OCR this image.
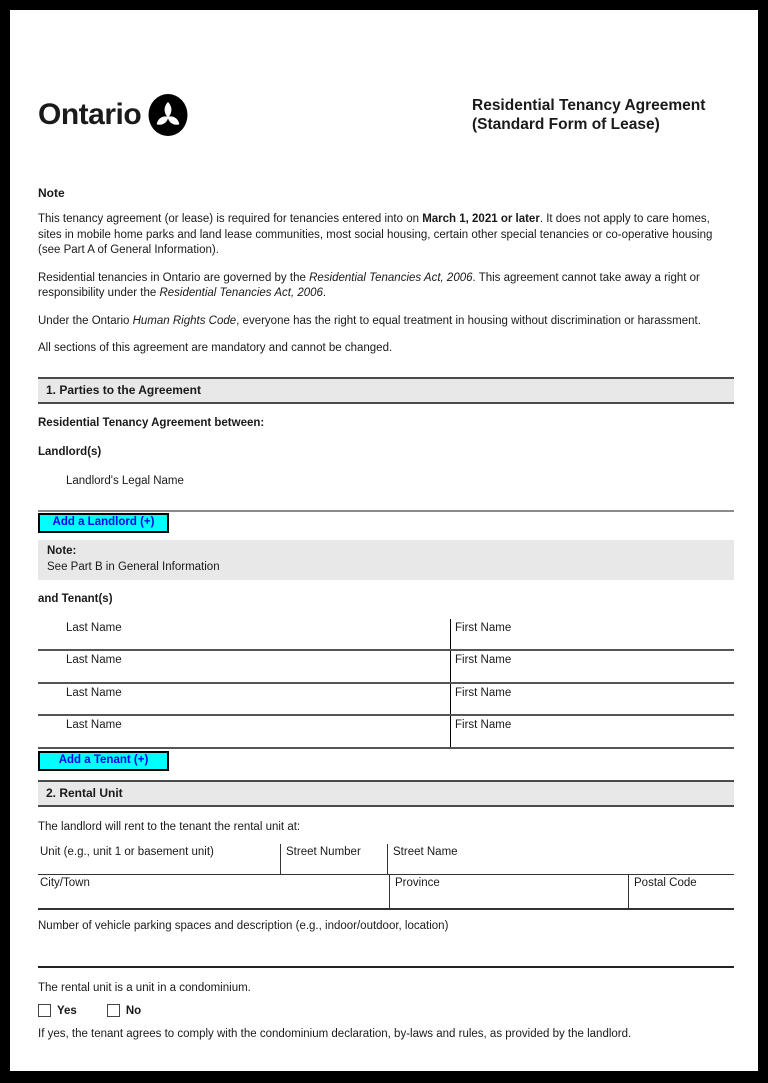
Ontario	Residential Tenancy Agreement
(Standard Form of Lease)
Note

This tenancy agreement (or lease) is required for tenancies entered into on March 1, 2021 or later. It does not apply to care homes, sites in mobile home parks and land lease communities, most social housing, certain other special tenancies or co-operative housing (see Part A of General Information).

Residential tenancies in Ontario are governed by the Residential Tenancies Act, 2006. This agreement cannot take away a right or responsibility under the Residential Tenancies Act, 2006.

Under the Ontario Human Rights Code, everyone has the right to equal treatment in housing without discrimination or harassment.

All sections of this agreement are mandatory and cannot be changed.

1. Parties to the Agreement
Residential Tenancy Agreement between:
Landlord(s)
Landlord's Legal Name
Add a Landlord (+)
Note:
See Part B in General Information
and Tenant(s)
Last Name	First Name
Last Name	First Name
Last Name	First Name
Last Name	First Name
Add a Tenant (+)
2. Rental Unit
The landlord will rent to the tenant the rental unit at:
Unit (e.g., unit 1 or basement unit)	Street Number	Street Name
City/Town	Province	Postal Code
Number of vehicle parking spaces and description (e.g., indoor/outdoor, location)
The rental unit is a unit in a condominium.
Yes	No
If yes, the tenant agrees to comply with the condominium declaration, by-laws and rules, as provided by the landlord.
